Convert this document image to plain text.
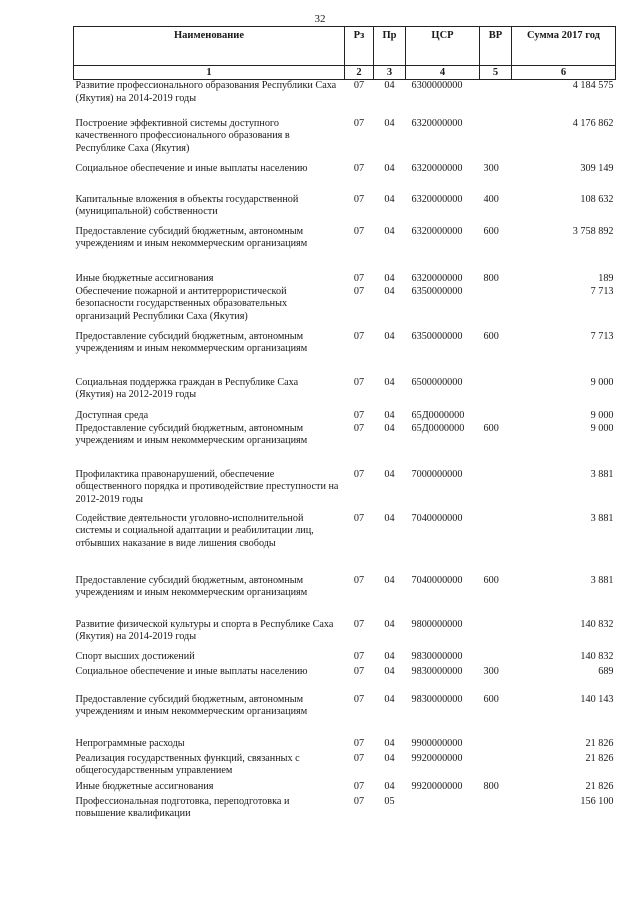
32
Наименование	Рз	Пр	ЦСР	ВР	Сумма 2017 год
1	2	3	4	5	6
Развитие профессионального образования Республики Саха (Якутия) на 2014-2019 годы	07	04	6300000000		4 184 575
Построение эффективной системы доступного качественного профессионального образования в Республике Саха (Якутия)	07	04	6320000000		4 176 862
Социальное обеспечение и иные выплаты населению	07	04	6320000000	300	309 149
Капитальные вложения в объекты государственной (муниципальной) собственности	07	04	6320000000	400	108 632
Предоставление субсидий бюджетным, автономным учреждениям и иным некоммерческим организациям	07	04	6320000000	600	3 758 892
Иные бюджетные ассигнования	07	04	6320000000	800	189
Обеспечение пожарной и антитеррористической безопасности государственных образовательных организаций Республики Саха (Якутия)	07	04	6350000000		7 713
Предоставление субсидий бюджетным, автономным учреждениям и иным некоммерческим организациям	07	04	6350000000	600	7 713
Социальная поддержка граждан в Республике Саха (Якутия) на 2012-2019 годы	07	04	6500000000		9 000
Доступная среда	07	04	65Д0000000		9 000
Предоставление субсидий бюджетным, автономным учреждениям и иным некоммерческим организациям	07	04	65Д0000000	600	9 000
Профилактика правонарушений, обеспечение общественного порядка и противодействие преступности на 2012-2019 годы	07	04	7000000000		3 881
Содействие деятельности уголовно-исполнительной системы и социальной адаптации и реабилитации лиц, отбывших наказание в виде лишения свободы	07	04	7040000000		3 881
Предоставление субсидий бюджетным, автономным учреждениям и иным некоммерческим организациям	07	04	7040000000	600	3 881
Развитие физической культуры и спорта в Республике Саха (Якутия) на 2014-2019 годы	07	04	9800000000		140 832
Спорт высших достижений	07	04	9830000000		140 832
Социальное обеспечение и иные выплаты населению	07	04	9830000000	300	689
Предоставление субсидий бюджетным, автономным учреждениям и иным некоммерческим организациям	07	04	9830000000	600	140 143
Непрограммные расходы	07	04	9900000000		21 826
Реализация государственных функций, связанных с общегосударственным управлением	07	04	9920000000		21 826
Иные бюджетные ассигнования	07	04	9920000000	800	21 826
Профессиональная подготовка, переподготовка и повышение квалификации	07	05			156 100
